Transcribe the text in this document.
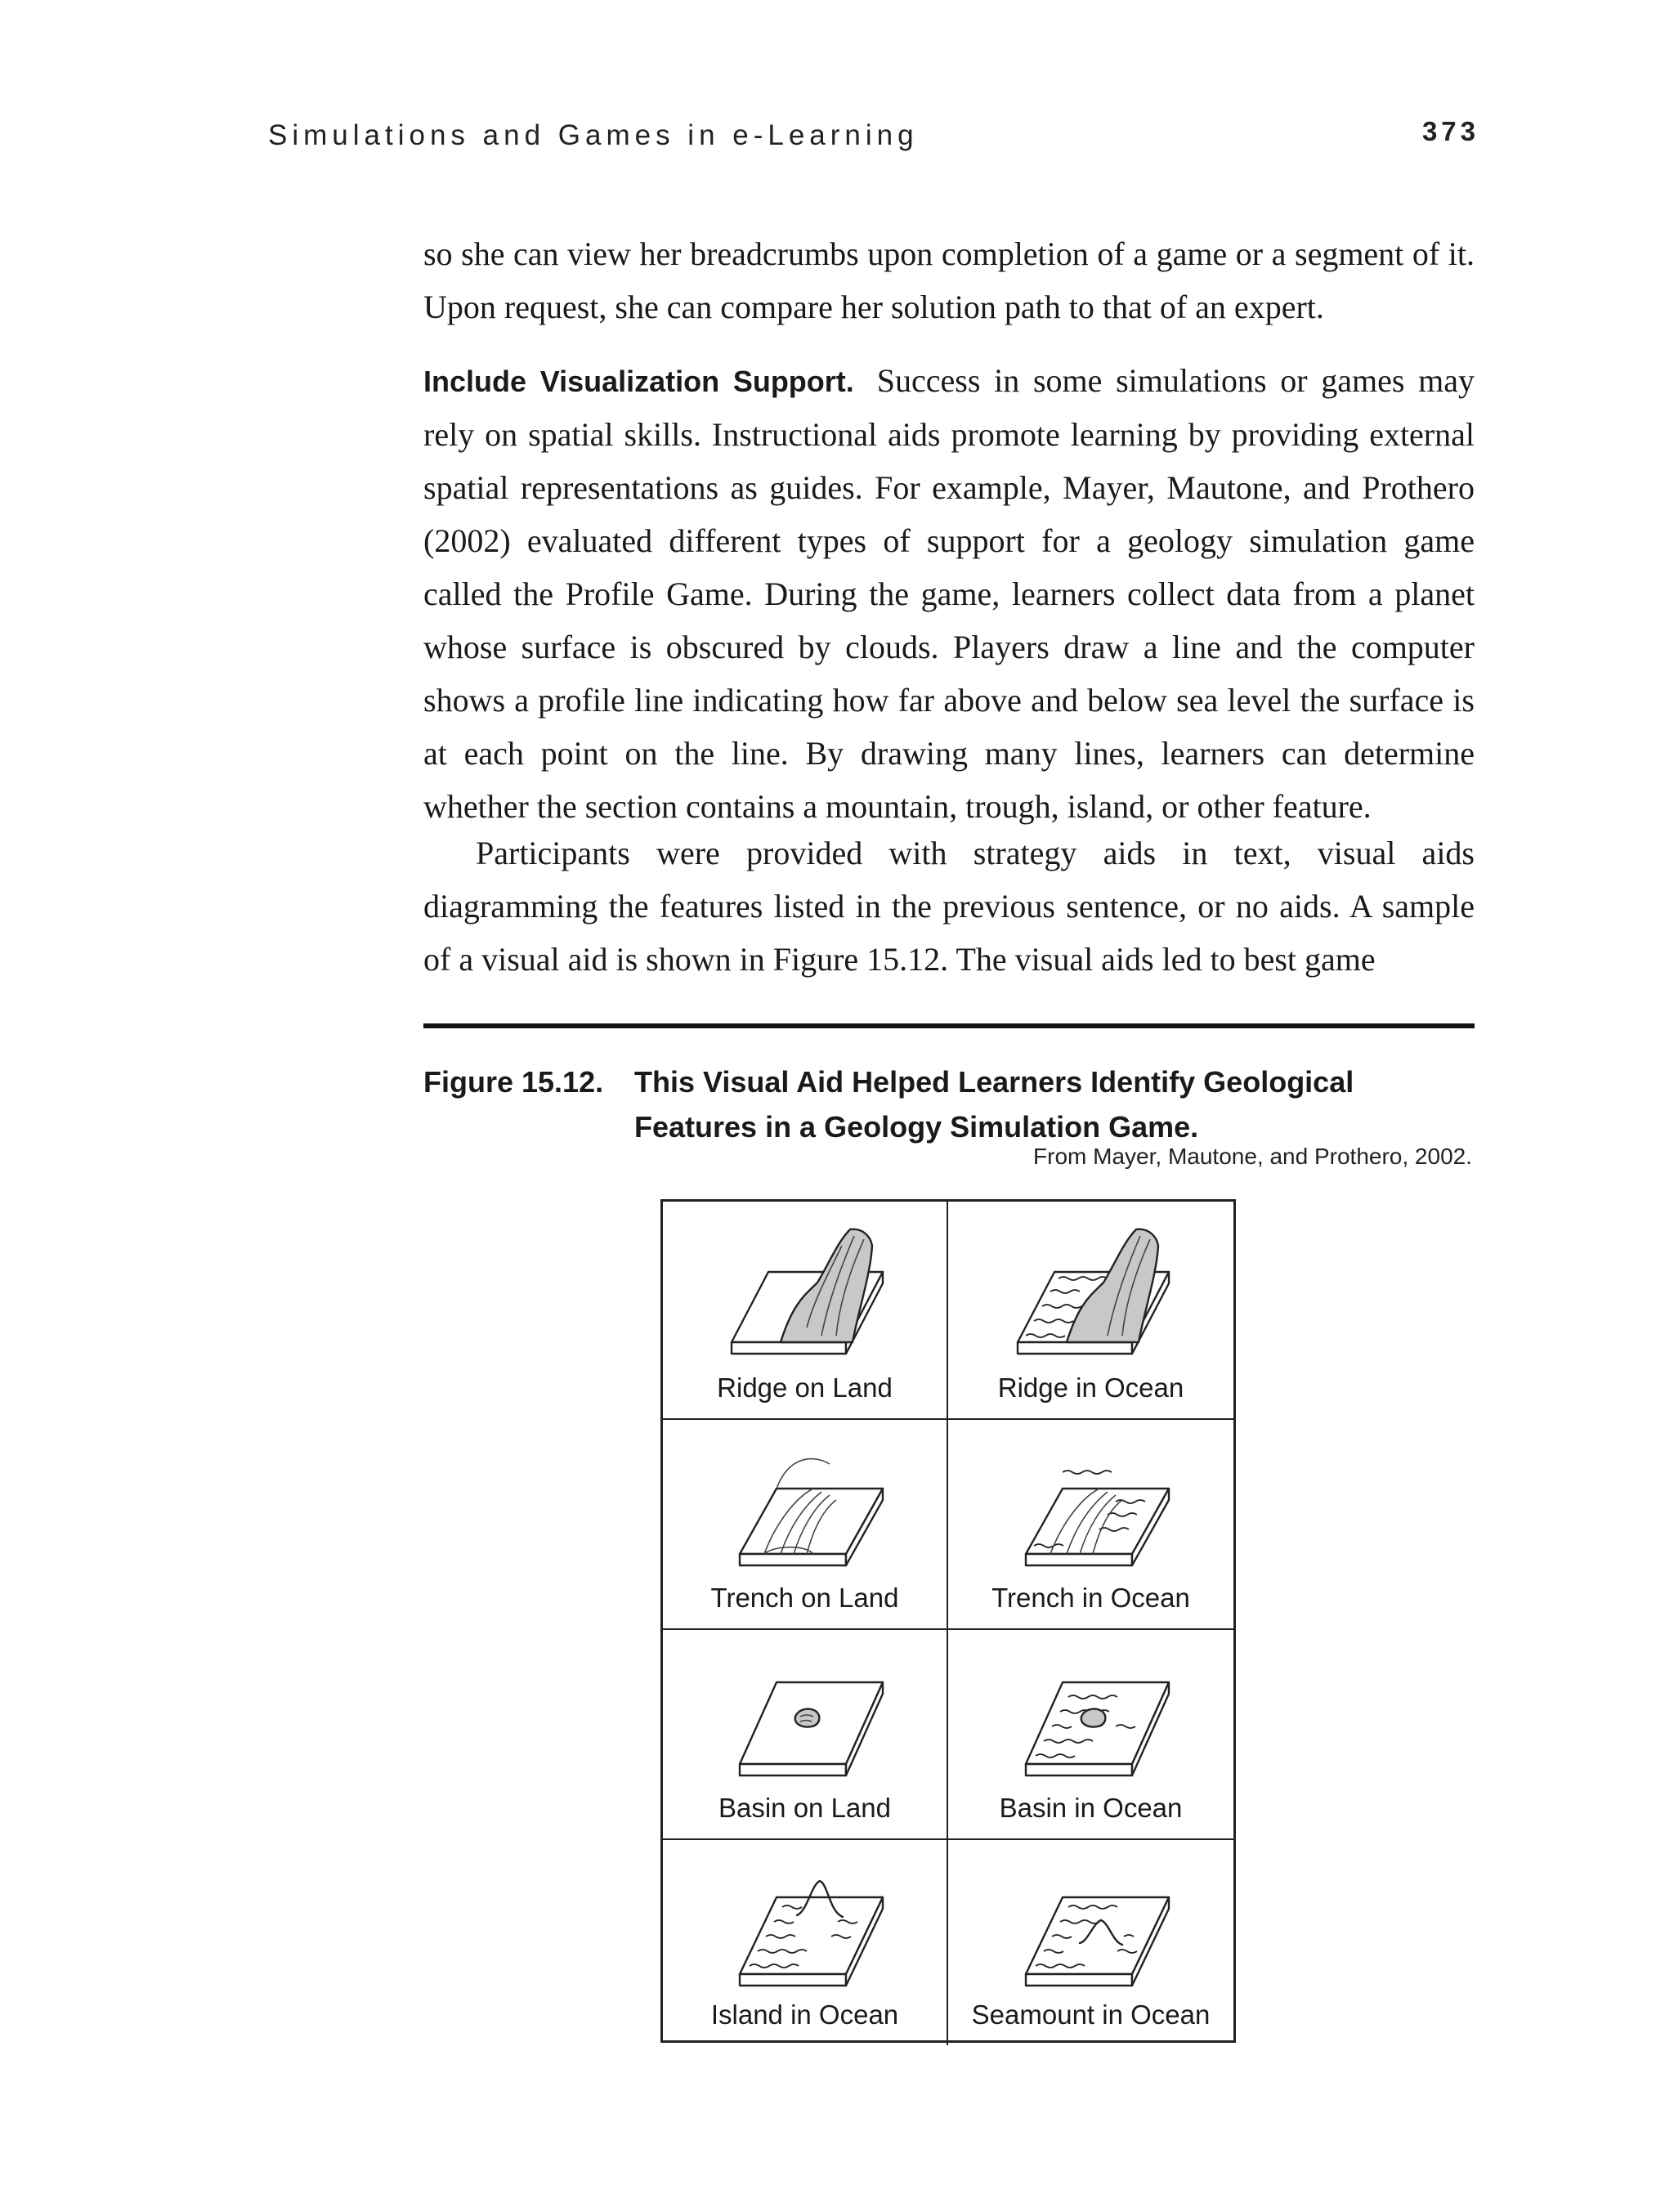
Simulations and Games in e-Learning	373

so she can view her breadcrumbs upon completion of a game or a segment of it. Upon request, she can compare her solution path to that of an expert.

Include Visualization Support. Success in some simulations or games may rely on spatial skills. Instructional aids promote learning by providing external spatial representations as guides. For example, Mayer, Mautone, and Prothero (2002) evaluated different types of support for a geology simulation game called the Profile Game. During the game, learners collect data from a planet whose surface is obscured by clouds. Players draw a line and the computer shows a profile line indicating how far above and below sea level the surface is at each point on the line. By drawing many lines, learners can determine whether the section contains a mountain, trough, island, or other feature.

Participants were provided with strategy aids in text, visual aids diagramming the features listed in the previous sentence, or no aids. A sample of a visual aid is shown in Figure 15.12. The visual aids led to best game

Figure 15.12. This Visual Aid Helped Learners Identify Geological Features in a Geology Simulation Game.
From Mayer, Mautone, and Prothero, 2002.
Ridge on Land	Ridge in Ocean
Trench on Land	Trench in Ocean
Basin on Land	Basin in Ocean
Island in Ocean	Seamount in Ocean
